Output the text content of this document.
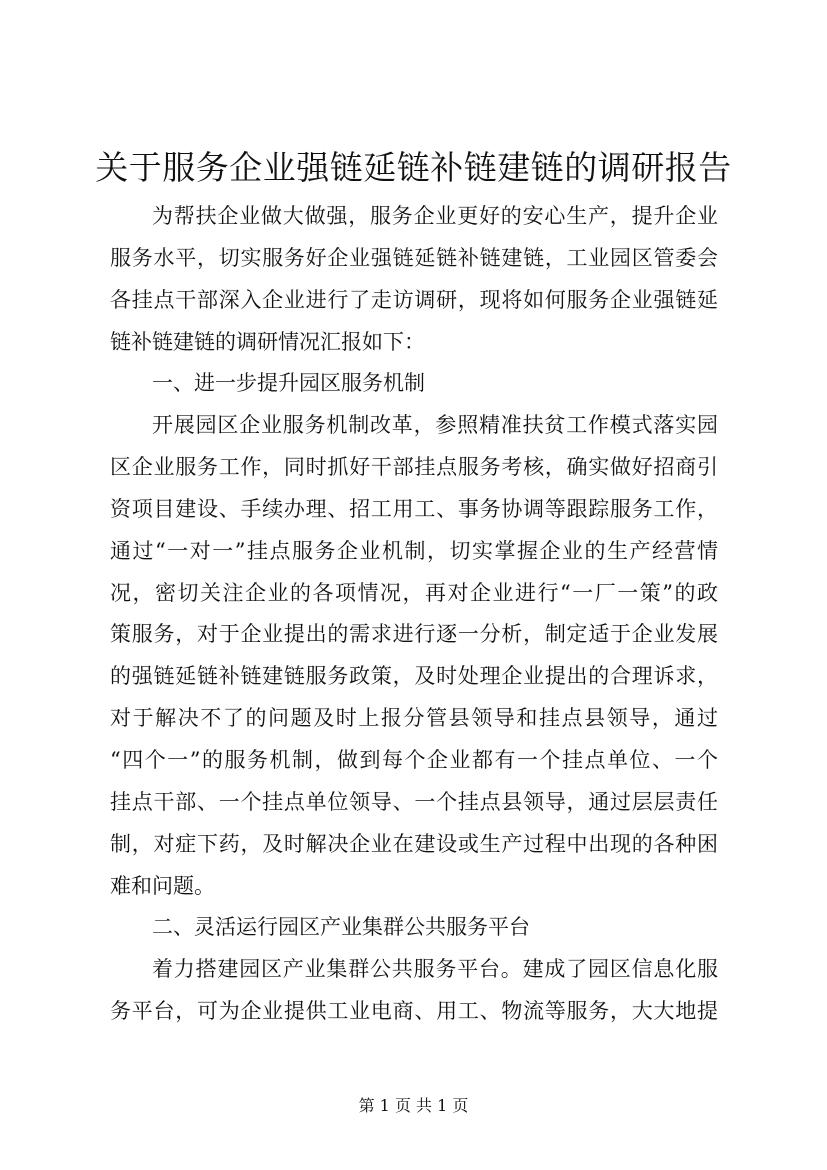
关于服务企业强链延链补链建链的调研报告
为帮扶企业做大做强，服务企业更好的安心生产，提升企业
服务水平，切实服务好企业强链延链补链建链，工业园区管委会
各挂点干部深入企业进行了走访调研，现将如何服务企业强链延
链补链建链的调研情况汇报如下：
一、进一步提升园区服务机制
开展园区企业服务机制改革，参照精准扶贫工作模式落实园
区企业服务工作，同时抓好干部挂点服务考核，确实做好招商引
资项目建设、手续办理、招工用工、事务协调等跟踪服务工作，
通过“一对一”挂点服务企业机制，切实掌握企业的生产经营情
况，密切关注企业的各项情况，再对企业进行“一厂一策”的政
策服务，对于企业提出的需求进行逐一分析，制定适于企业发展
的强链延链补链建链服务政策，及时处理企业提出的合理诉求，
对于解决不了的问题及时上报分管县领导和挂点县领导，通过
“四个一”的服务机制，做到每个企业都有一个挂点单位、一个
挂点干部、一个挂点单位领导、一个挂点县领导，通过层层责任
制，对症下药，及时解决企业在建设或生产过程中出现的各种困
难和问题。
二、灵活运行园区产业集群公共服务平台
着力搭建园区产业集群公共服务平台。建成了园区信息化服
务平台，可为企业提供工业电商、用工、物流等服务，大大地提
第 1 页 共 1 页
